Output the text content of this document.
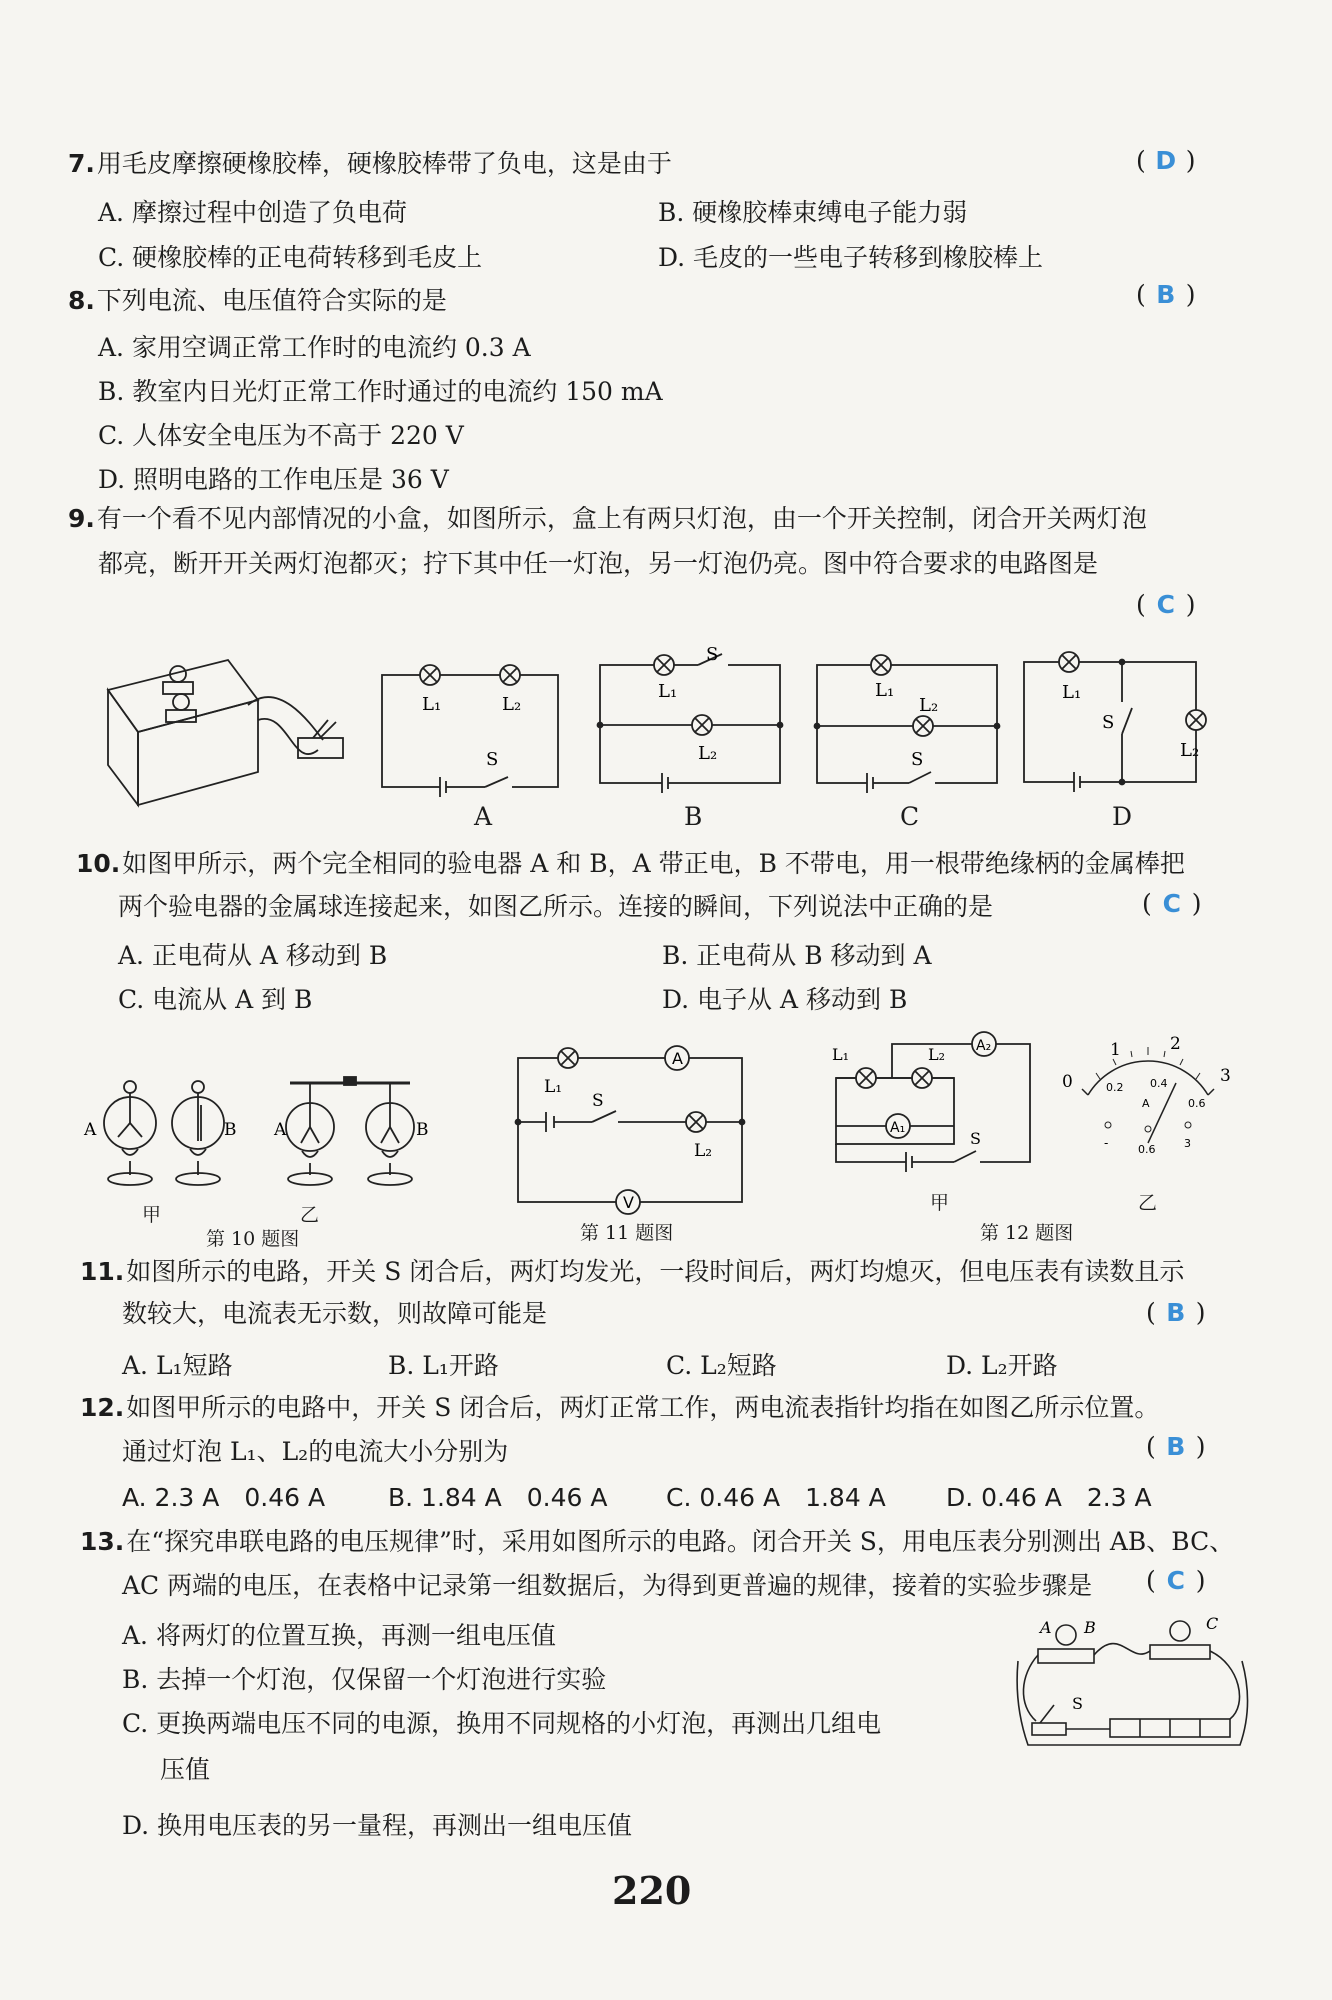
7.用毛皮摩擦硬橡胶棒，硬橡胶棒带了负电，这是由于	( D )
A. 摩擦过程中创造了负电荷	B. 硬橡胶棒束缚电子能力弱
C. 硬橡胶棒的正电荷转移到毛皮上	D. 毛皮的一些电子转移到橡胶棒上
8.下列电流、电压值符合实际的是	( B )
A. 家用空调正常工作时的电流约 0.3 A
B. 教室内日光灯正常工作时通过的电流约 150 mA
C. 人体安全电压为不高于 220 V
D. 照明电路的工作电压是 36 V
9.有一个看不见内部情况的小盒，如图所示，盒上有两只灯泡，由一个开关控制，闭合开关两灯泡
都亮，断开开关两灯泡都灭；拧下其中任一灯泡，另一灯泡仍亮。图中符合要求的电路图是
( C )
L₁	L₂
S
A
L₁
S
L₂
B
L₁
L₂
S
C
L₁
S
L₂
D
10.如图甲所示，两个完全相同的验电器 A 和 B，A 带正电，B 不带电，用一根带绝缘柄的金属棒把
两个验电器的金属球连接起来，如图乙所示。连接的瞬间，下列说法中正确的是	( C )
A. 正电荷从 A 移动到 B	B. 正电荷从 B 移动到 A
C. 电流从 A 到 B	D. 电子从 A 移动到 B
A	B A	B
甲	乙
第 10 题图
A
V
L₁
S
L₂
第 11 题图
A₂
A₁
L₁	L₂
S
甲
0
1	2
3
0.2 0.4
0.6
A
-	0.6	3
乙
第 12 题图
11.如图所示的电路，开关 S 闭合后，两灯均发光，一段时间后，两灯均熄灭，但电压表有读数且示
数较大，电流表无示数，则故障可能是	( B )
A. L₁短路	B. L₁开路	C. L₂短路	D. L₂开路
12.如图甲所示的电路中，开关 S 闭合后，两灯正常工作，两电流表指针均指在如图乙所示位置。
通过灯泡 L₁、L₂的电流大小分别为	( B )
A. 2.3 A　0.46 A	B. 1.84 A　0.46 A C. 0.46 A　1.84 A D. 0.46 A　2.3 A
13.在“探究串联电路的电压规律”时，采用如图所示的电路。闭合开关 S，用电压表分别测出 AB、BC、
AC 两端的电压，在表格中记录第一组数据后，为得到更普遍的规律，接着的实验步骤是 ( C )
A. 将两灯的位置互换，再测一组电压值
B. 去掉一个灯泡，仅保留一个灯泡进行实验
C. 更换两端电压不同的电源，换用不同规格的小灯泡，再测出几组电
压值
D. 换用电压表的另一量程，再测出一组电压值
A B	C
S
220
